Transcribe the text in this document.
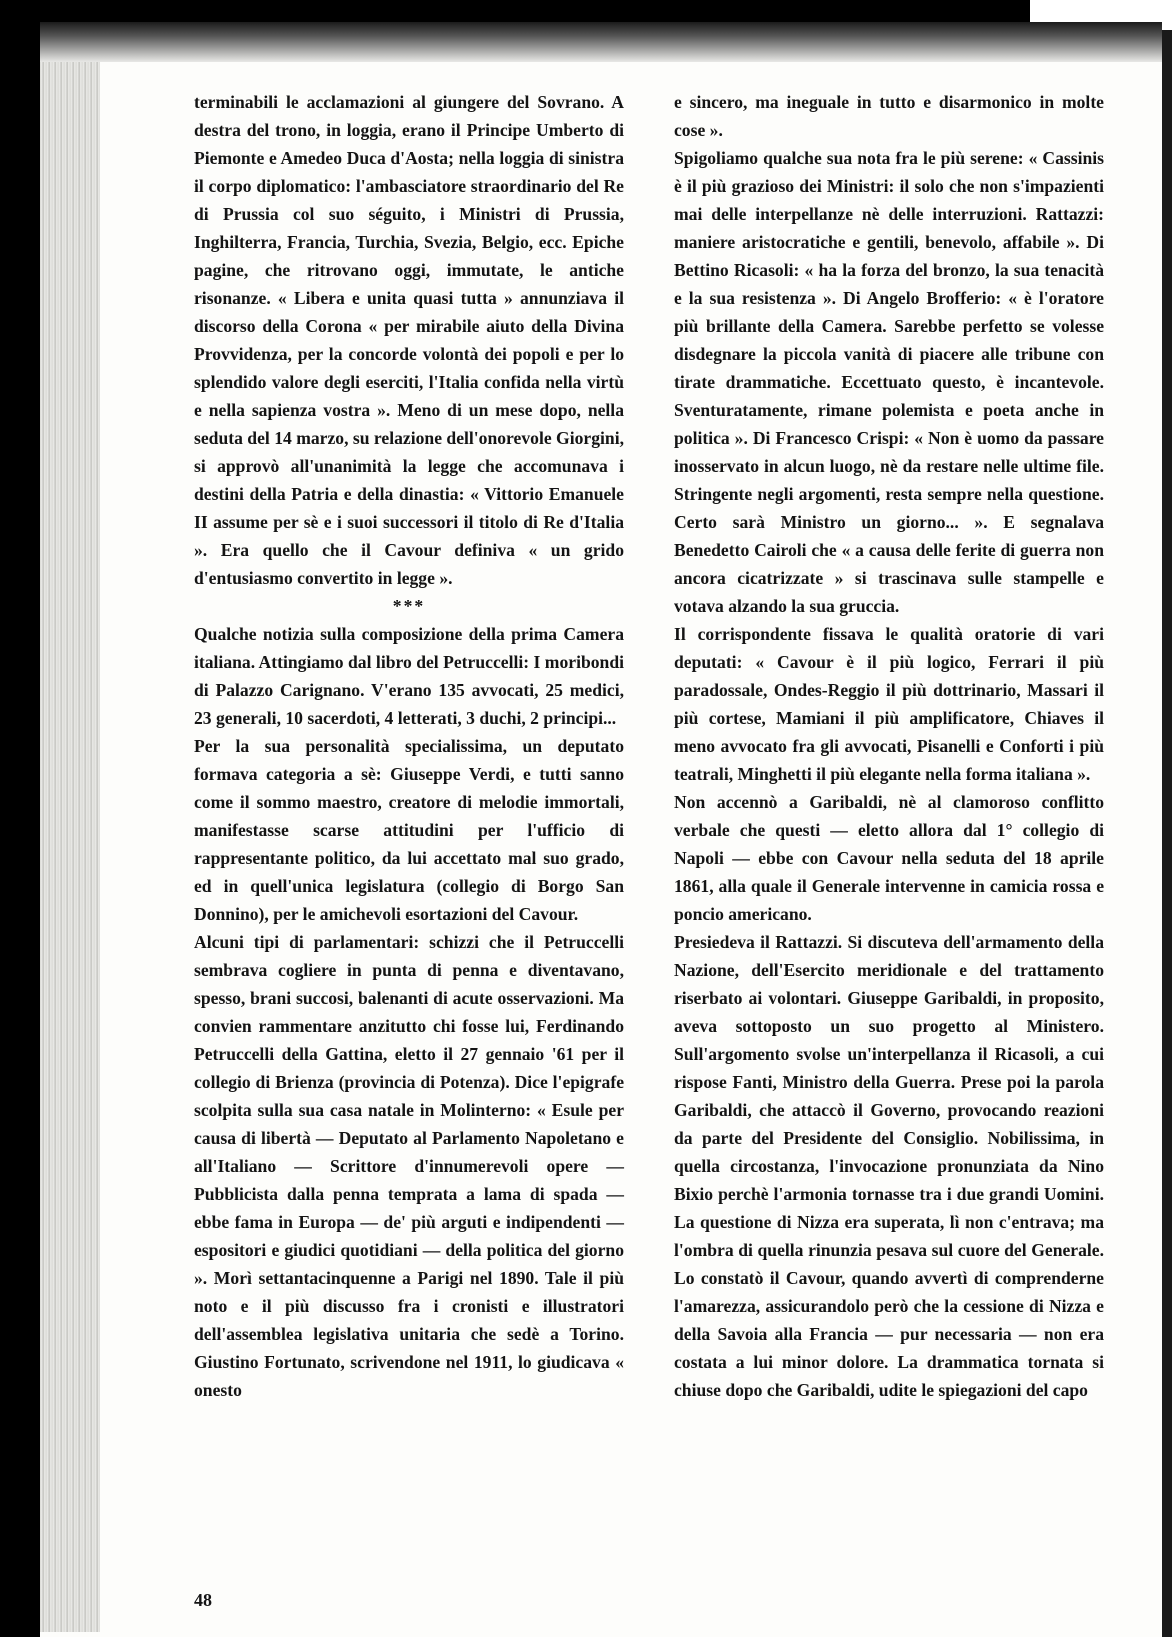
terminabili le acclamazioni al giungere del Sovrano. A destra del trono, in loggia, erano il Principe Umberto di Piemonte e Amedeo Duca d'Aosta; nella loggia di sinistra il corpo diplomatico: l'ambasciatore straordinario del Re di Prussia col suo séguito, i Ministri di Prussia, Inghilterra, Francia, Turchia, Svezia, Belgio, ecc. Epiche pagine, che ritrovano oggi, immutate, le antiche risonanze. « Libera e unita quasi tutta » annunziava il discorso della Corona « per mirabile aiuto della Divina Provvidenza, per la concorde volontà dei popoli e per lo splendido valore degli eserciti, l'Italia confida nella virtù e nella sapienza vostra ». Meno di un mese dopo, nella seduta del 14 marzo, su relazione dell'onorevole Giorgini, si approvò all'unanimità la legge che accomunava i destini della Patria e della dinastia: « Vittorio Emanuele II assume per sè e i suoi successori il titolo di Re d'Italia ». Era quello che il Cavour definiva « un grido d'entusiasmo convertito in legge ».

***

Qualche notizia sulla composizione della prima Camera italiana. Attingiamo dal libro del Petruccelli: I moribondi di Palazzo Carignano. V'erano 135 avvocati, 25 medici, 23 generali, 10 sacerdoti, 4 letterati, 3 duchi, 2 principi...

Per la sua personalità specialissima, un deputato formava categoria a sè: Giuseppe Verdi, e tutti sanno come il sommo maestro, creatore di melodie immortali, manifestasse scarse attitudini per l'ufficio di rappresentante politico, da lui accettato mal suo grado, ed in quell'unica legislatura (collegio di Borgo San Donnino), per le amichevoli esortazioni del Cavour.

Alcuni tipi di parlamentari: schizzi che il Petruccelli sembrava cogliere in punta di penna e diventavano, spesso, brani succosi, balenanti di acute osservazioni. Ma convien rammentare anzitutto chi fosse lui, Ferdinando Petruccelli della Gattina, eletto il 27 gennaio '61 per il collegio di Brienza (provincia di Potenza). Dice l'epigrafe scolpita sulla sua casa natale in Molinterno: « Esule per causa di libertà — Deputato al Parlamento Napoletano e all'Italiano — Scrittore d'innumerevoli opere — Pubblicista dalla penna temprata a lama di spada — ebbe fama in Europa — de' più arguti e indipendenti — espositori e giudici quotidiani — della politica del giorno ». Morì settantacinquenne a Parigi nel 1890. Tale il più noto e il più discusso fra i cronisti e illustratori dell'assemblea legislativa unitaria che sedè a Torino. Giustino Fortunato, scrivendone nel 1911, lo giudicava « onesto

e sincero, ma ineguale in tutto e disarmonico in molte cose ».

Spigoliamo qualche sua nota fra le più serene: « Cassinis è il più grazioso dei Ministri: il solo che non s'impazienti mai delle interpellanze nè delle interruzioni. Rattazzi: maniere aristocratiche e gentili, benevolo, affabile ». Di Bettino Ricasoli: « ha la forza del bronzo, la sua tenacità e la sua resistenza ». Di Angelo Brofferio: « è l'oratore più brillante della Camera. Sarebbe perfetto se volesse disdegnare la piccola vanità di piacere alle tribune con tirate drammatiche. Eccettuato questo, è incantevole. Sventuratamente, rimane polemista e poeta anche in politica ». Di Francesco Crispi: « Non è uomo da passare inosservato in alcun luogo, nè da restare nelle ultime file. Stringente negli argomenti, resta sempre nella questione. Certo sarà Ministro un giorno... ». E segnalava Benedetto Cairoli che « a causa delle ferite di guerra non ancora cicatrizzate » si trascinava sulle stampelle e votava alzando la sua gruccia.

Il corrispondente fissava le qualità oratorie di vari deputati: « Cavour è il più logico, Ferrari il più paradossale, Ondes-Reggio il più dottrinario, Massari il più cortese, Mamiani il più amplificatore, Chiaves il meno avvocato fra gli avvocati, Pisanelli e Conforti i più teatrali, Minghetti il più elegante nella forma italiana ».

Non accennò a Garibaldi, nè al clamoroso conflitto verbale che questi — eletto allora dal 1° collegio di Napoli — ebbe con Cavour nella seduta del 18 aprile 1861, alla quale il Generale intervenne in camicia rossa e poncio americano.

Presiedeva il Rattazzi. Si discuteva dell'armamento della Nazione, dell'Esercito meridionale e del trattamento riserbato ai volontari. Giuseppe Garibaldi, in proposito, aveva sottoposto un suo progetto al Ministero. Sull'argomento svolse un'interpellanza il Ricasoli, a cui rispose Fanti, Ministro della Guerra. Prese poi la parola Garibaldi, che attaccò il Governo, provocando reazioni da parte del Presidente del Consiglio. Nobilissima, in quella circostanza, l'invocazione pronunziata da Nino Bixio perchè l'armonia tornasse tra i due grandi Uomini. La questione di Nizza era superata, lì non c'entrava; ma l'ombra di quella rinunzia pesava sul cuore del Generale. Lo constatò il Cavour, quando avvertì di comprenderne l'amarezza, assicurandolo però che la cessione di Nizza e della Savoia alla Francia — pur necessaria — non era costata a lui minor dolore. La drammatica tornata si chiuse dopo che Garibaldi, udite le spiegazioni del capo

48
